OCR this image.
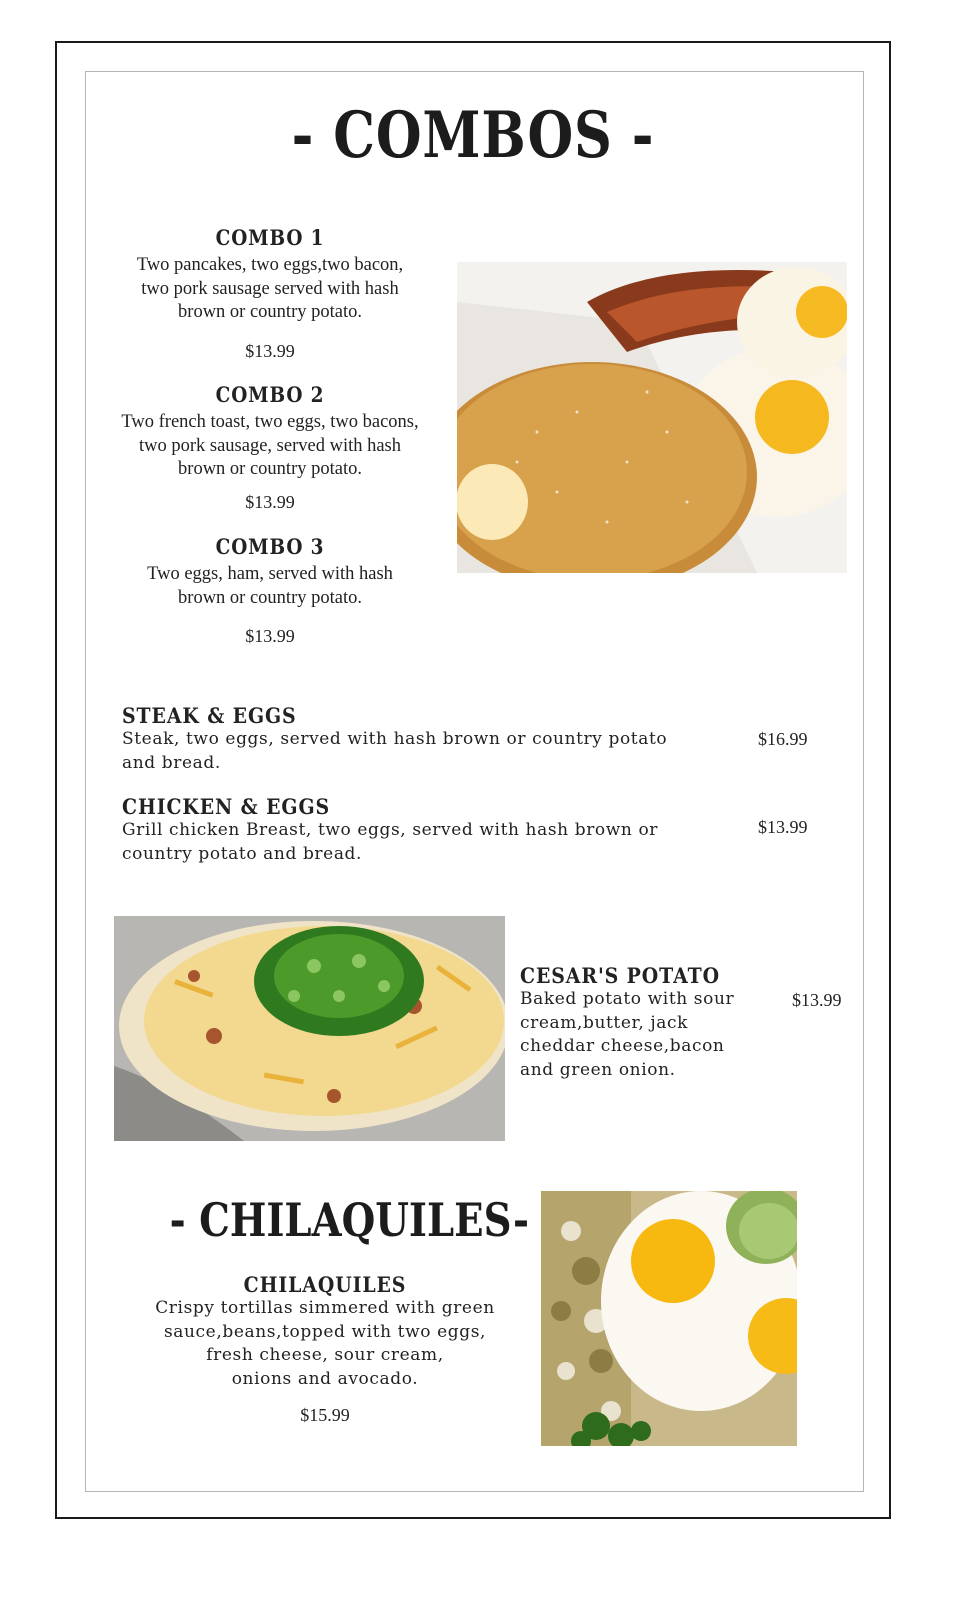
- COMBOS -
COMBO 1
Two pancakes, two eggs,two bacon,
two pork sausage served with hash
brown or country potato.
$13.99
COMBO 2
Two french toast, two eggs, two bacons,
two pork sausage, served with hash
brown or country potato.
$13.99
COMBO 3
Two eggs, ham, served with hash
brown or country potato.
$13.99
STEAK & EGGS
Steak, two eggs, served with hash brown or country potato
and bread.
$16.99
CHICKEN & EGGS
Grill chicken Breast, two eggs, served with hash brown or
country potato and bread.
$13.99
CESAR'S POTATO
Baked potato with sour
cream,butter, jack
cheddar cheese,bacon
and green onion.
$13.99
- CHILAQUILES-
CHILAQUILES
Crispy tortillas simmered with green
sauce,beans,topped with two eggs,
fresh cheese, sour cream,
onions and avocado.
$15.99
